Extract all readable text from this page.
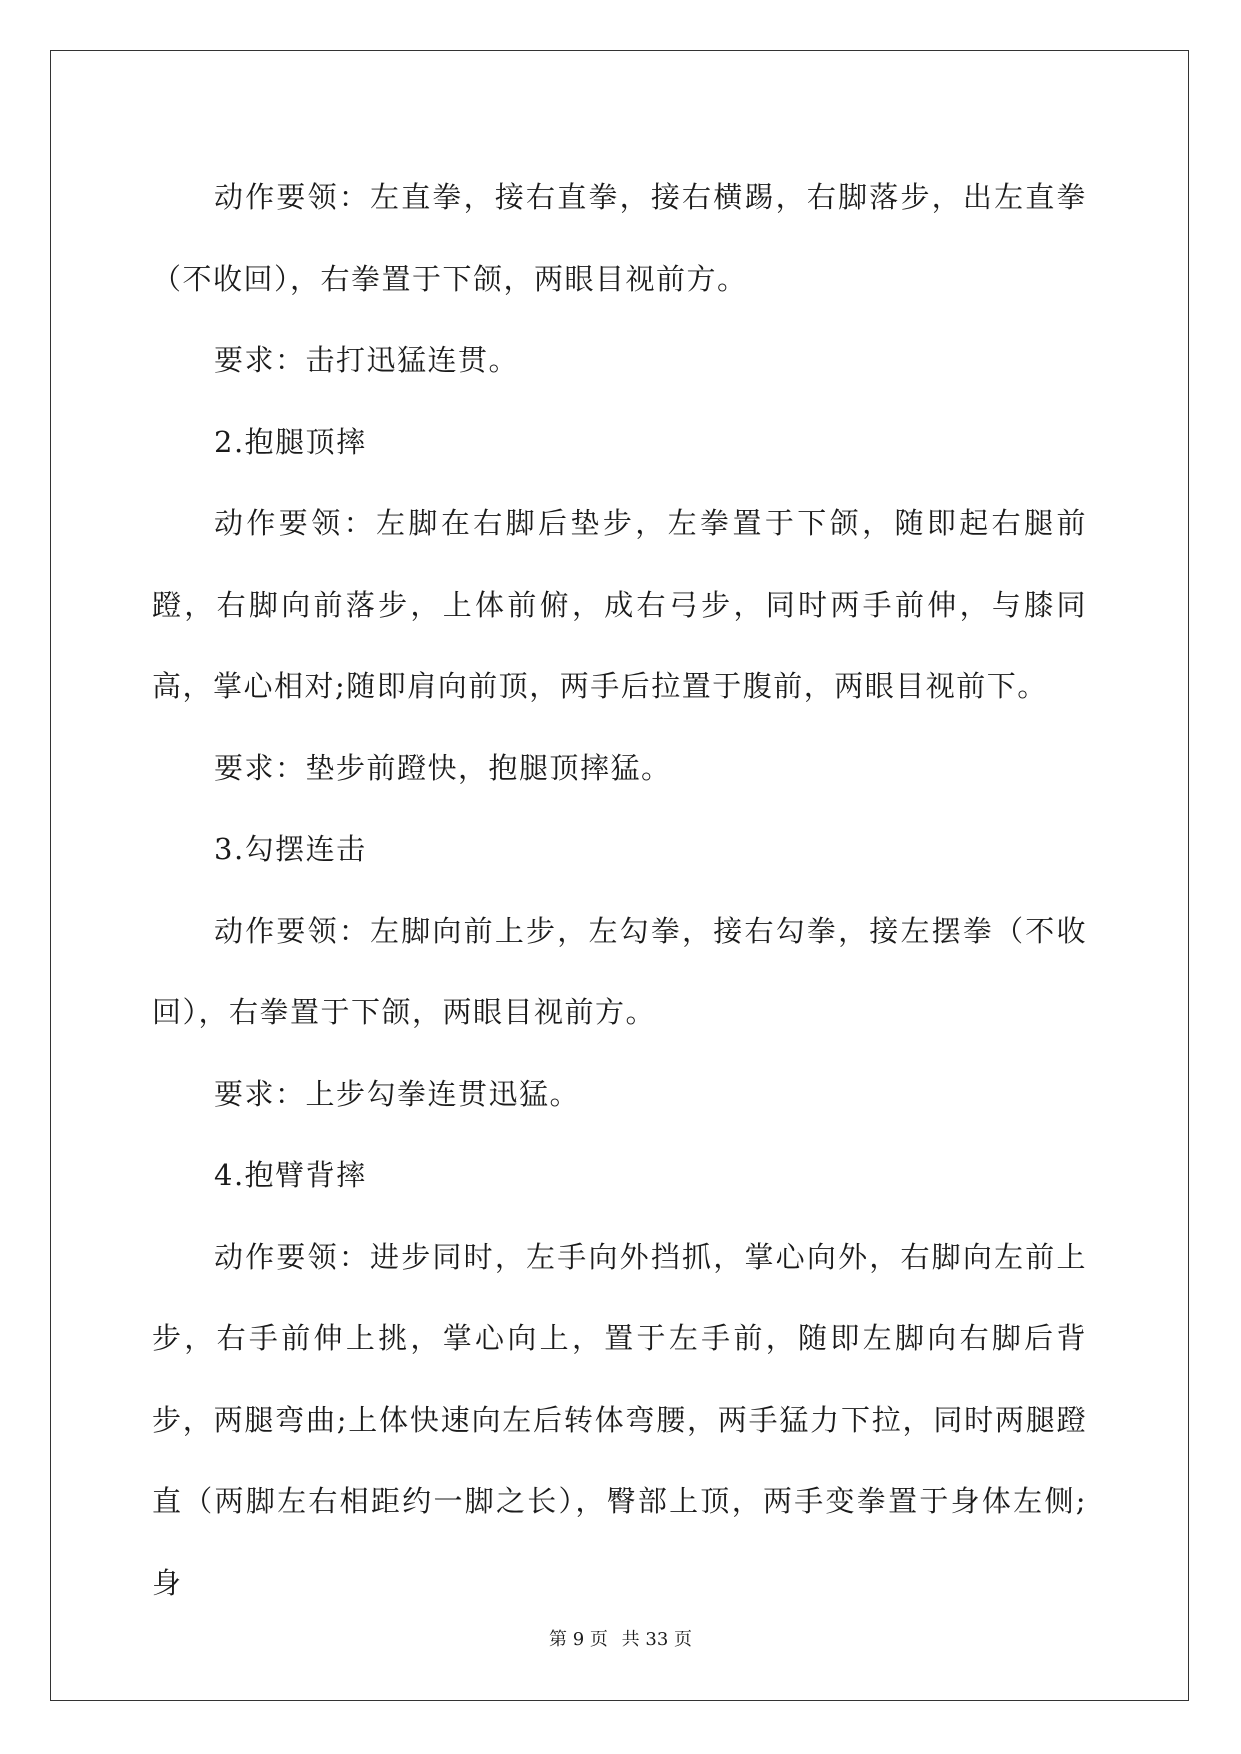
动作要领：左直拳，接右直拳，接右横踢，右脚落步，出左直拳（不收回），右拳置于下颌，两眼目视前方。

要求：击打迅猛连贯。

2.抱腿顶摔

动作要领：左脚在右脚后垫步，左拳置于下颌，随即起右腿前蹬，右脚向前落步，上体前俯，成右弓步，同时两手前伸，与膝同高，掌心相对;随即肩向前顶，两手后拉置于腹前，两眼目视前下。

要求：垫步前蹬快，抱腿顶摔猛。

3.勾摆连击

动作要领：左脚向前上步，左勾拳，接右勾拳，接左摆拳（不收回），右拳置于下颌，两眼目视前方。

要求：上步勾拳连贯迅猛。

4.抱臂背摔

动作要领：进步同时，左手向外挡抓，掌心向外，右脚向左前上步，右手前伸上挑，掌心向上，置于左手前，随即左脚向右脚后背步，两腿弯曲;上体快速向左后转体弯腰，两手猛力下拉，同时两腿蹬直（两脚左右相距约一脚之长），臀部上顶，两手变拳置于身体左侧;身

第 9 页 共 33 页
